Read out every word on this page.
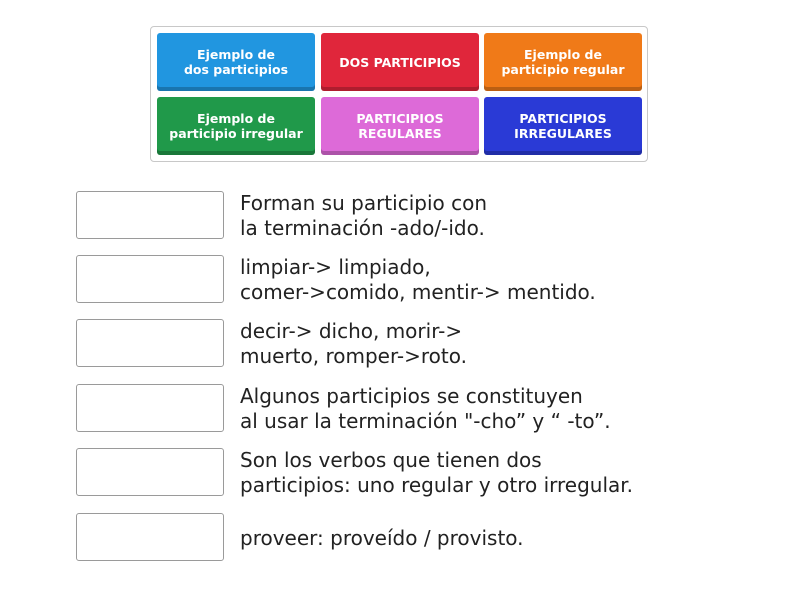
Ejemplo de
dos participios	DOS PARTICIPIOS	Ejemplo de
participio regular
Ejemplo de
participio irregular
PARTICIPIOS
REGULARES
PARTICIPIOS
IRREGULARES
Forman su participio con
la terminación -ado/-ido.
limpiar-> limpiado,
comer->comido, mentir-> mentido.
decir-> dicho, morir->
muerto, romper->roto.
Algunos participios se constituyen
al usar la terminación "-cho” y “ -to”.
Son los verbos que tienen dos
participios: uno regular y otro irregular.
proveer: proveído / provisto.
